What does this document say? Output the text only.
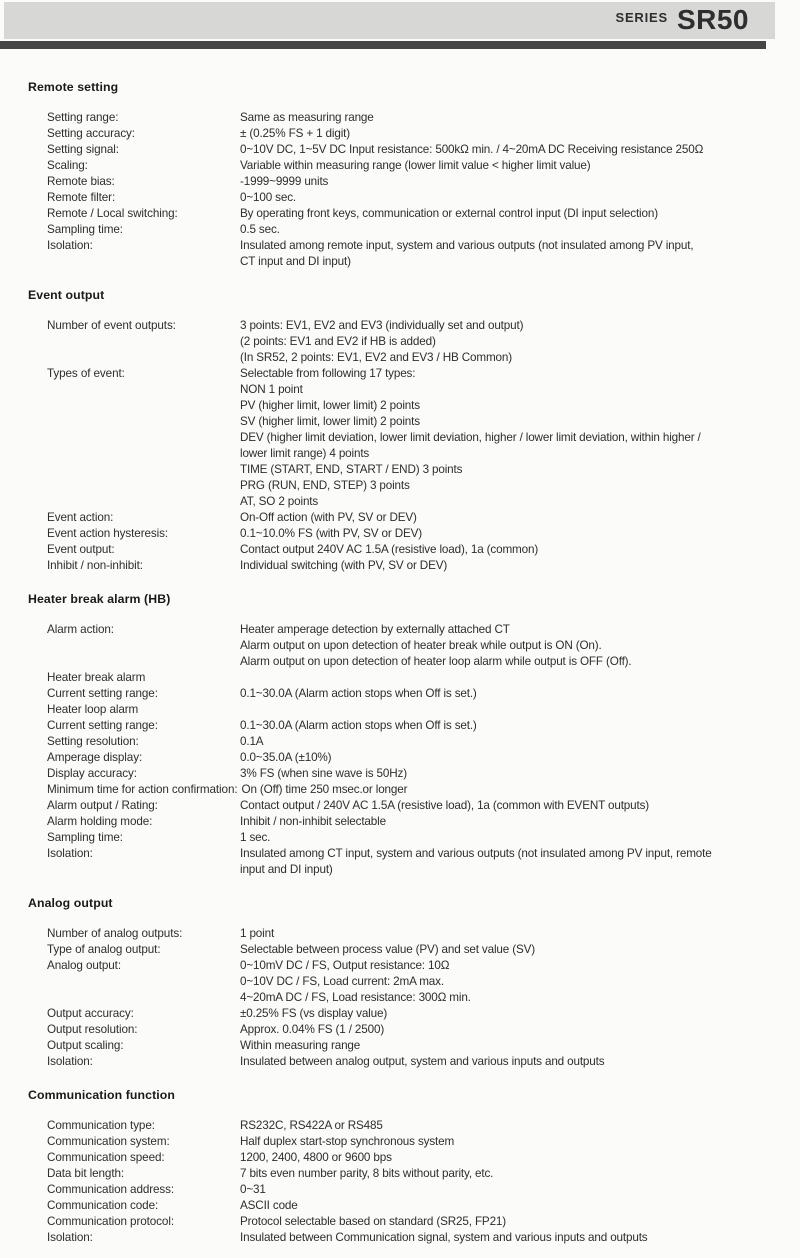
SERIES SR50
Remote setting
Setting range:	Same as measuring range
Setting accuracy:	± (0.25% FS + 1 digit)
Setting signal:	0~10V DC, 1~5V DC Input resistance: 500kΩ min. / 4~20mA DC Receiving resistance 250Ω
Scaling:	Variable within measuring range (lower limit value < higher limit value)
Remote bias:	-1999~9999 units
Remote filter:	0~100 sec.
Remote / Local switching:	By operating front keys, communication or external control input (DI input selection)
Sampling time:	0.5 sec.
Isolation:	Insulated among remote input, system and various outputs (not insulated among PV input,
CT input and DI input)
Event output
Number of event outputs:	3 points: EV1, EV2 and EV3 (individually set and output)
(2 points: EV1 and EV2 if HB is added)
(In SR52, 2 points: EV1, EV2 and EV3 / HB Common)
Types of event:	Selectable from following 17 types:
NON 1 point
PV (higher limit, lower limit) 2 points
SV (higher limit, lower limit) 2 points
DEV (higher limit deviation, lower limit deviation, higher / lower limit deviation, within higher /
lower limit range) 4 points
TIME (START, END, START / END) 3 points
PRG (RUN, END, STEP) 3 points
AT, SO 2 points
Event action:	On-Off action (with PV, SV or DEV)
Event action hysteresis:	0.1~10.0% FS (with PV, SV or DEV)
Event output:	Contact output 240V AC 1.5A (resistive load), 1a (common)
Inhibit / non-inhibit:	Individual switching (with PV, SV or DEV)
Heater break alarm (HB)
Alarm action:	Heater amperage detection by externally attached CT
Alarm output on upon detection of heater break while output is ON (On).
Alarm output on upon detection of heater loop alarm while output is OFF (Off).
Heater break alarm
Current setting range:	0.1~30.0A (Alarm action stops when Off is set.)
Heater loop alarm
Current setting range:	0.1~30.0A (Alarm action stops when Off is set.)
Setting resolution:	0.1A
Amperage display:	0.0~35.0A (±10%)
Display accuracy:	3% FS (when sine wave is 50Hz)
Minimum time for action confirmation: On (Off) time 250 msec.or longer
Alarm output / Rating:	Contact output / 240V AC 1.5A (resistive load), 1a (common with EVENT outputs)
Alarm holding mode:	Inhibit / non-inhibit selectable
Sampling time:	1 sec.
Isolation:	Insulated among CT input, system and various outputs (not insulated among PV input, remote
input and DI input)
Analog output
Number of analog outputs:	1 point
Type of analog output:	Selectable between process value (PV) and set value (SV)
Analog output:	0~10mV DC / FS, Output resistance: 10Ω
0~10V DC / FS, Load current: 2mA max.
4~20mA DC / FS, Load resistance: 300Ω min.
Output accuracy:	±0.25% FS (vs display value)
Output resolution:	Approx. 0.04% FS (1 / 2500)
Output scaling:	Within measuring range
Isolation:	Insulated between analog output, system and various inputs and outputs
Communication function
Communication type:	RS232C, RS422A or RS485
Communication system:	Half duplex start-stop synchronous system
Communication speed:	1200, 2400, 4800 or 9600 bps
Data bit length:	7 bits even number parity, 8 bits without parity, etc.
Communication address:	0~31
Communication code:	ASCII code
Communication protocol:	Protocol selectable based on standard (SR25, FP21)
Isolation:	Insulated between Communication signal, system and various inputs and outputs
